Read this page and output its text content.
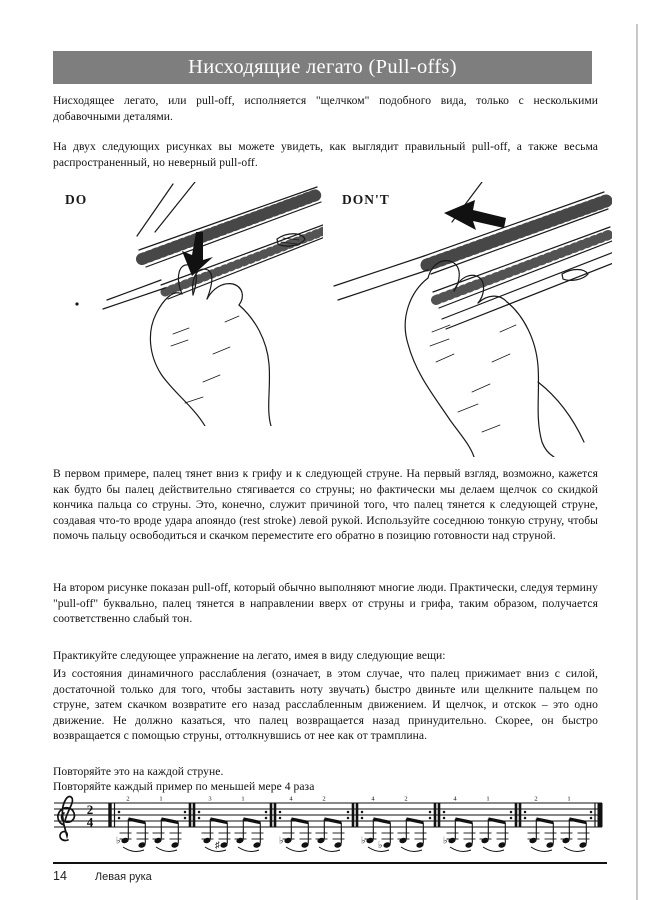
Нисходящие легато (Pull-offs)
Нисходящее легато, или pull-off, исполняется "щелчком" подобного вида, только с несколькими добавочными деталями.
На двух следующих рисунках вы можете увидеть, как выглядит правильный pull-off, а также весьма распространенный, но неверный pull-off.
DO	DON'T
В первом примере, палец тянет вниз к грифу и к следующей струне. На первый взгляд, возможно, кажется как будто бы палец действительно стягивается со струны; но фактически мы делаем щелчок со скидкой кончика пальца со струны. Это, конечно, служит причиной того, что палец тянется к следующей струне, создавая что-то вроде удара апояндо (rest stroke) левой рукой. Используйте соседнюю тонкую струну, чтобы помочь пальцу освободиться и скачком переместите его обратно в позицию готовности над струной.
На втором рисунке показан pull-off, который обычно выполняют многие люди. Практически, следуя термину "pull-off" буквально, палец тянется в направлении вверх от струны и грифа, таким образом, получается соответственно слабый тон.
Практикуйте следующее упражнение на легато, имея в виду следующие вещи:
Из состояния динамичного расслабления (означает, в этом случае, что палец прижимает вниз с силой, достаточной только для того, чтобы заставить ноту звучать) быстро двиньте или щелкните пальцем по струне, затем скачком возвратите его назад расслабленным движением. И щелчок, и отскок – это одно движение. Не должно казаться, что палец возвращается назад принудительно. Скорее, он быстро возвращается с помощью струны, оттолкнувшись от нее как от трамплина.
Повторяйте это на каждой струне.
Повторяйте каждый пример по меньшей мере 4 раза
2
4
2
♭
1	3
♯
1	4
♭
2	4
♭ ♭
2	4
♭
1	2	1
14	Левая рука
